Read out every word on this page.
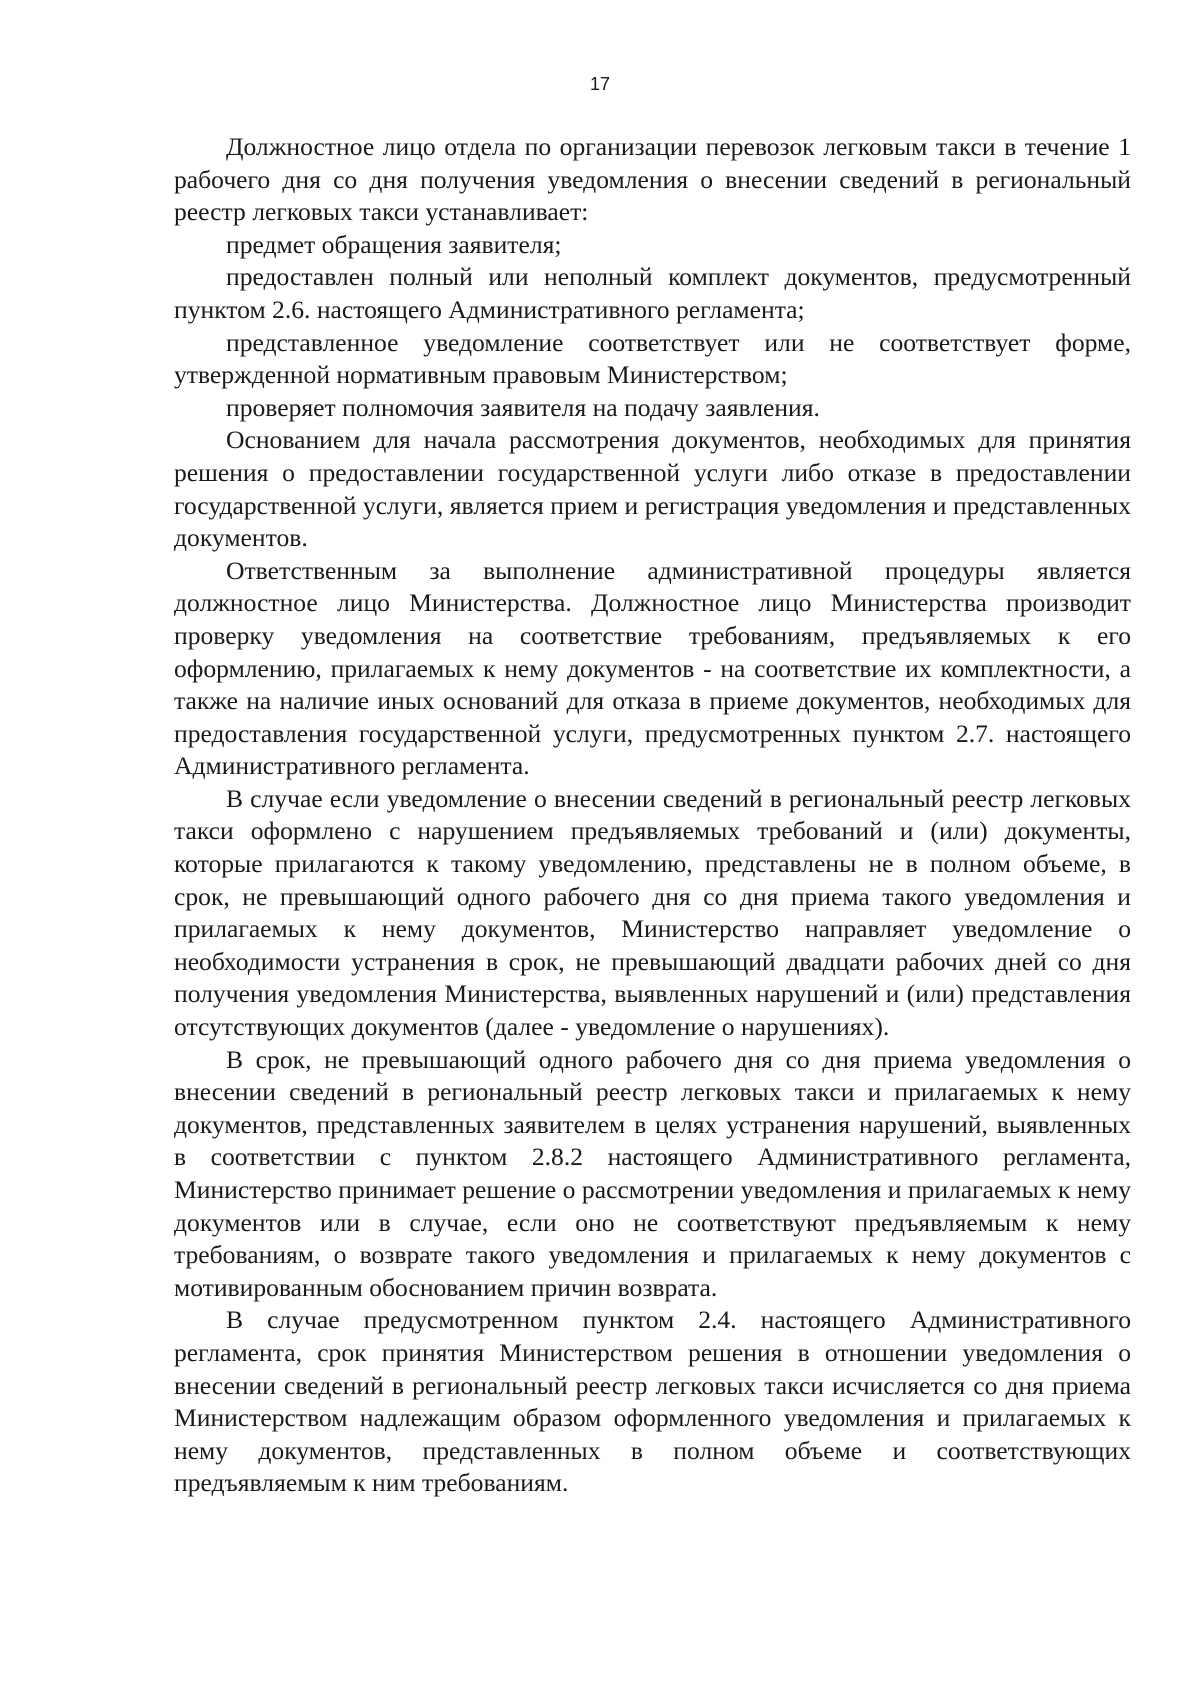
17

Должностное лицо отдела по организации перевозок легковым такси в течение 1 рабочего дня со дня получения уведомления о внесении сведений в региональный реестр легковых такси устанавливает:

предмет обращения заявителя;

предоставлен полный или неполный комплект документов, предусмотренный пунктом 2.6. настоящего Административного регламента;

представленное уведомление соответствует или не соответствует форме, утвержденной нормативным правовым Министерством;

проверяет полномочия заявителя на подачу заявления.

Основанием для начала рассмотрения документов, необходимых для принятия решения о предоставлении государственной услуги либо отказе в предоставлении государственной услуги, является прием и регистрация уведомления и представленных документов.

Ответственным за выполнение административной процедуры является должностное лицо Министерства. Должностное лицо Министерства производит проверку уведомления на соответствие требованиям, предъявляемых к его оформлению, прилагаемых к нему документов - на соответствие их комплектности, а также на наличие иных оснований для отказа в приеме документов, необходимых для предоставления государственной услуги, предусмотренных пунктом 2.7. настоящего Административного регламента.

В случае если уведомление о внесении сведений в региональный реестр легковых такси оформлено с нарушением предъявляемых требований и (или) документы, которые прилагаются к такому уведомлению, представлены не в полном объеме, в срок, не превышающий одного рабочего дня со дня приема такого уведомления и прилагаемых к нему документов, Министерство направляет уведомление о необходимости устранения в срок, не превышающий двадцати рабочих дней со дня получения уведомления Министерства, выявленных нарушений и (или) представления отсутствующих документов (далее - уведомление о нарушениях).

В срок, не превышающий одного рабочего дня со дня приема уведомления о внесении сведений в региональный реестр легковых такси и прилагаемых к нему документов, представленных заявителем в целях устранения нарушений, выявленных в соответствии с пунктом 2.8.2 настоящего Административного регламента, Министерство принимает решение о рассмотрении уведомления и прилагаемых к нему документов или в случае, если оно не соответствуют предъявляемым к нему требованиям, о возврате такого уведомления и прилагаемых к нему документов с мотивированным обоснованием причин возврата.

В случае предусмотренном пунктом 2.4. настоящего Административного регламента, срок принятия Министерством решения в отношении уведомления о внесении сведений в региональный реестр легковых такси исчисляется со дня приема Министерством надлежащим образом оформленного уведомления и прилагаемых к нему документов, представленных в полном объеме и соответствующих предъявляемым к ним требованиям.
